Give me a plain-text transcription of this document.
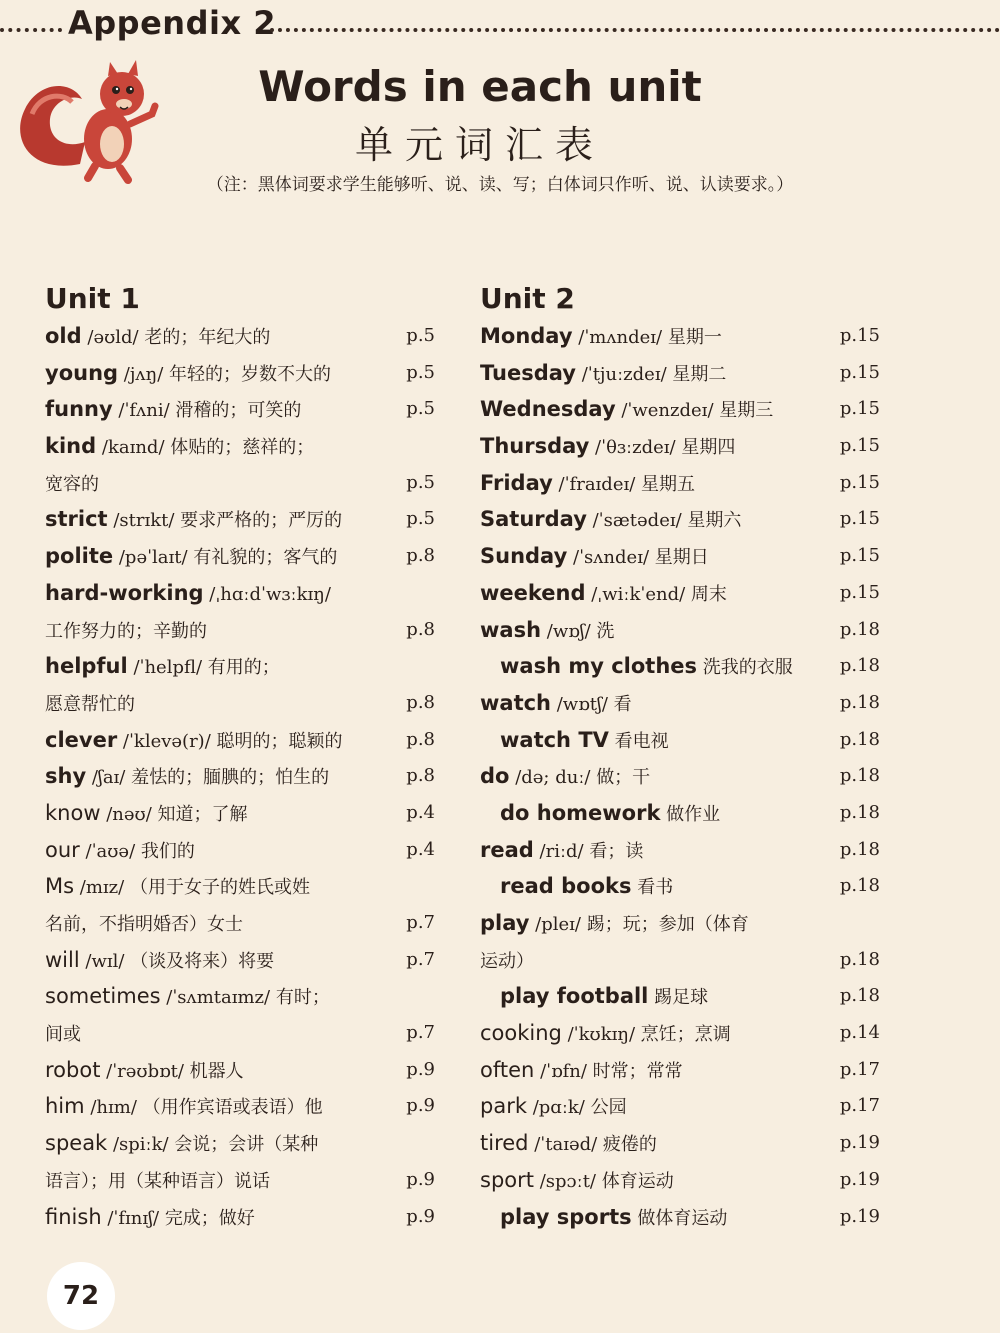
Appendix 2
Words in each unit
单元词汇表
（注：黑体词要求学生能够听、说、读、写；白体词只作听、说、认读要求。）
Unit 1
old /əʊld/ 老的；年纪大的	p.5
young /jʌŋ/ 年轻的；岁数不大的	p.5
funny /ˈfʌni/ 滑稽的；可笑的	p.5
kind /kaɪnd/ 体贴的；慈祥的；
宽容的	p.5
strict /strɪkt/ 要求严格的；严厉的	p.5
polite /pəˈlaɪt/ 有礼貌的；客气的	p.8
hard-working /ˌhɑːdˈwɜːkɪŋ/
工作努力的；辛勤的	p.8
helpful /ˈhelpfl/ 有用的；
愿意帮忙的	p.8
clever /ˈklevə(r)/ 聪明的；聪颖的	p.8
shy /ʃaɪ/ 羞怯的；腼腆的；怕生的	p.8
know /nəʊ/ 知道；了解	p.4
our /ˈaʊə/ 我们的	p.4
Ms /mɪz/ （用于女子的姓氏或姓
名前，不指明婚否）女士	p.7
will /wɪl/ （谈及将来）将要	p.7
sometimes /ˈsʌmtaɪmz/ 有时；
间或	p.7
robot /ˈrəʊbɒt/ 机器人	p.9
him /hɪm/ （用作宾语或表语）他	p.9
speak /spiːk/ 会说；会讲（某种
语言）；用（某种语言）说话	p.9
finish /ˈfɪnɪʃ/ 完成；做好	p.9
Unit 2
Monday /ˈmʌndeɪ/ 星期一	p.15
Tuesday /ˈtjuːzdeɪ/ 星期二	p.15
Wednesday /ˈwenzdeɪ/ 星期三	p.15
Thursday /ˈθɜːzdeɪ/ 星期四	p.15
Friday /ˈfraɪdeɪ/ 星期五	p.15
Saturday /ˈsætədeɪ/ 星期六	p.15
Sunday /ˈsʌndeɪ/ 星期日	p.15
weekend /ˌwiːkˈend/ 周末	p.15
wash /wɒʃ/ 洗	p.18
wash my clothes 洗我的衣服	p.18
watch /wɒtʃ/ 看	p.18
watch TV 看电视	p.18
do /də; duː/ 做；干	p.18
do homework 做作业	p.18
read /riːd/ 看；读	p.18
read books 看书	p.18
play /pleɪ/ 踢；玩；参加（体育
运动）	p.18
play football 踢足球	p.18
cooking /ˈkʊkɪŋ/ 烹饪；烹调	p.14
often /ˈɒfn/ 时常；常常	p.17
park /pɑːk/ 公园	p.17
tired /ˈtaɪəd/ 疲倦的	p.19
sport /spɔːt/ 体育运动	p.19
play sports 做体育运动	p.19
72
